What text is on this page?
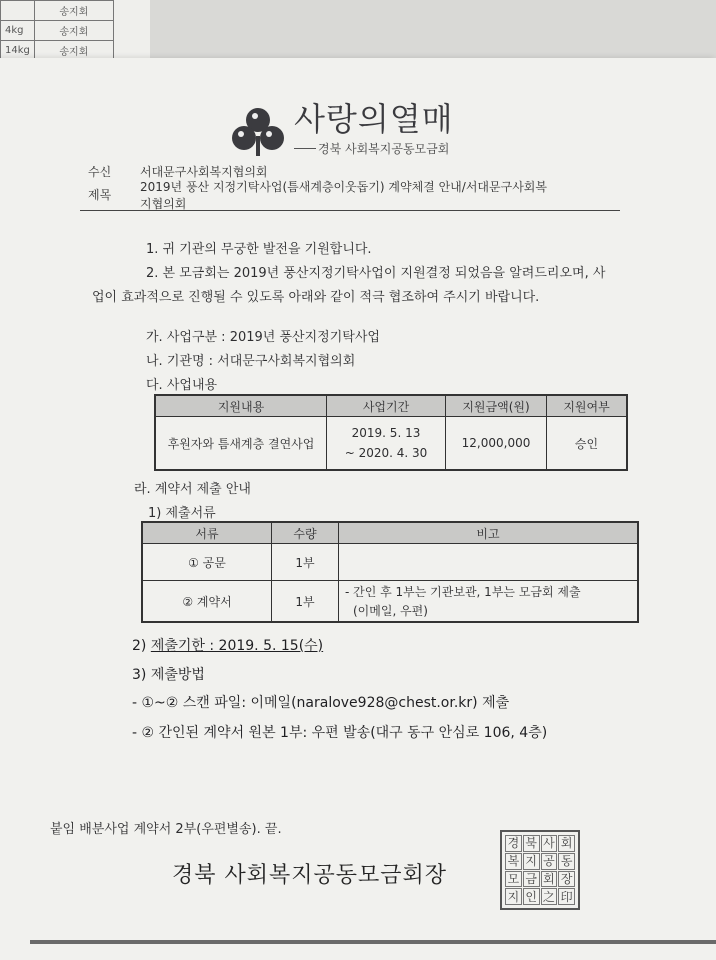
	송지회
4kg	송지회
14kg	송지회
사랑의열매
경북 사회복지공동모금회
수신 서대문구사회복지협의회
제목
2019년 풍산 지정기탁사업(틈새계층이웃돕기) 계약체결 안내/서대문구사회복
지협의회
1. 귀 기관의 무궁한 발전을 기원합니다.
2. 본 모금회는 2019년 풍산지정기탁사업이 지원결정 되었음을 알려드리오며, 사
업이 효과적으로 진행될 수 있도록 아래와 같이 적극 협조하여 주시기 바랍니다.
가. 사업구분 : 2019년 풍산지정기탁사업
나. 기관명 : 서대문구사회복지협의회
다. 사업내용
지원내용	사업기간	지원금액(원)	지원여부
후원자와 틈새계층 결연사업	2019. 5. 13
~ 2020. 4. 30	12,000,000	승인
라. 계약서 제출 안내
1) 제출서류
서류	수량	비고
① 공문	1부	
② 계약서	1부	- 간인 후 1부는 기관보관, 1부는 모금회 제출
(이메일, 우편)
2) 제출기한 : 2019. 5. 15(수)
3) 제출방법
- ①~② 스캔 파일: 이메일(naralove928@chest.or.kr) 제출
- ② 간인된 계약서 원본 1부: 우편 발송(대구 동구 안심로 106, 4층)
붙임 배분사업 계약서 2부(우편별송). 끝.
경북 사회복지공동모금회장
경 북 사 회
복 지 공 동
모 금 회 장
지 인 之 印
